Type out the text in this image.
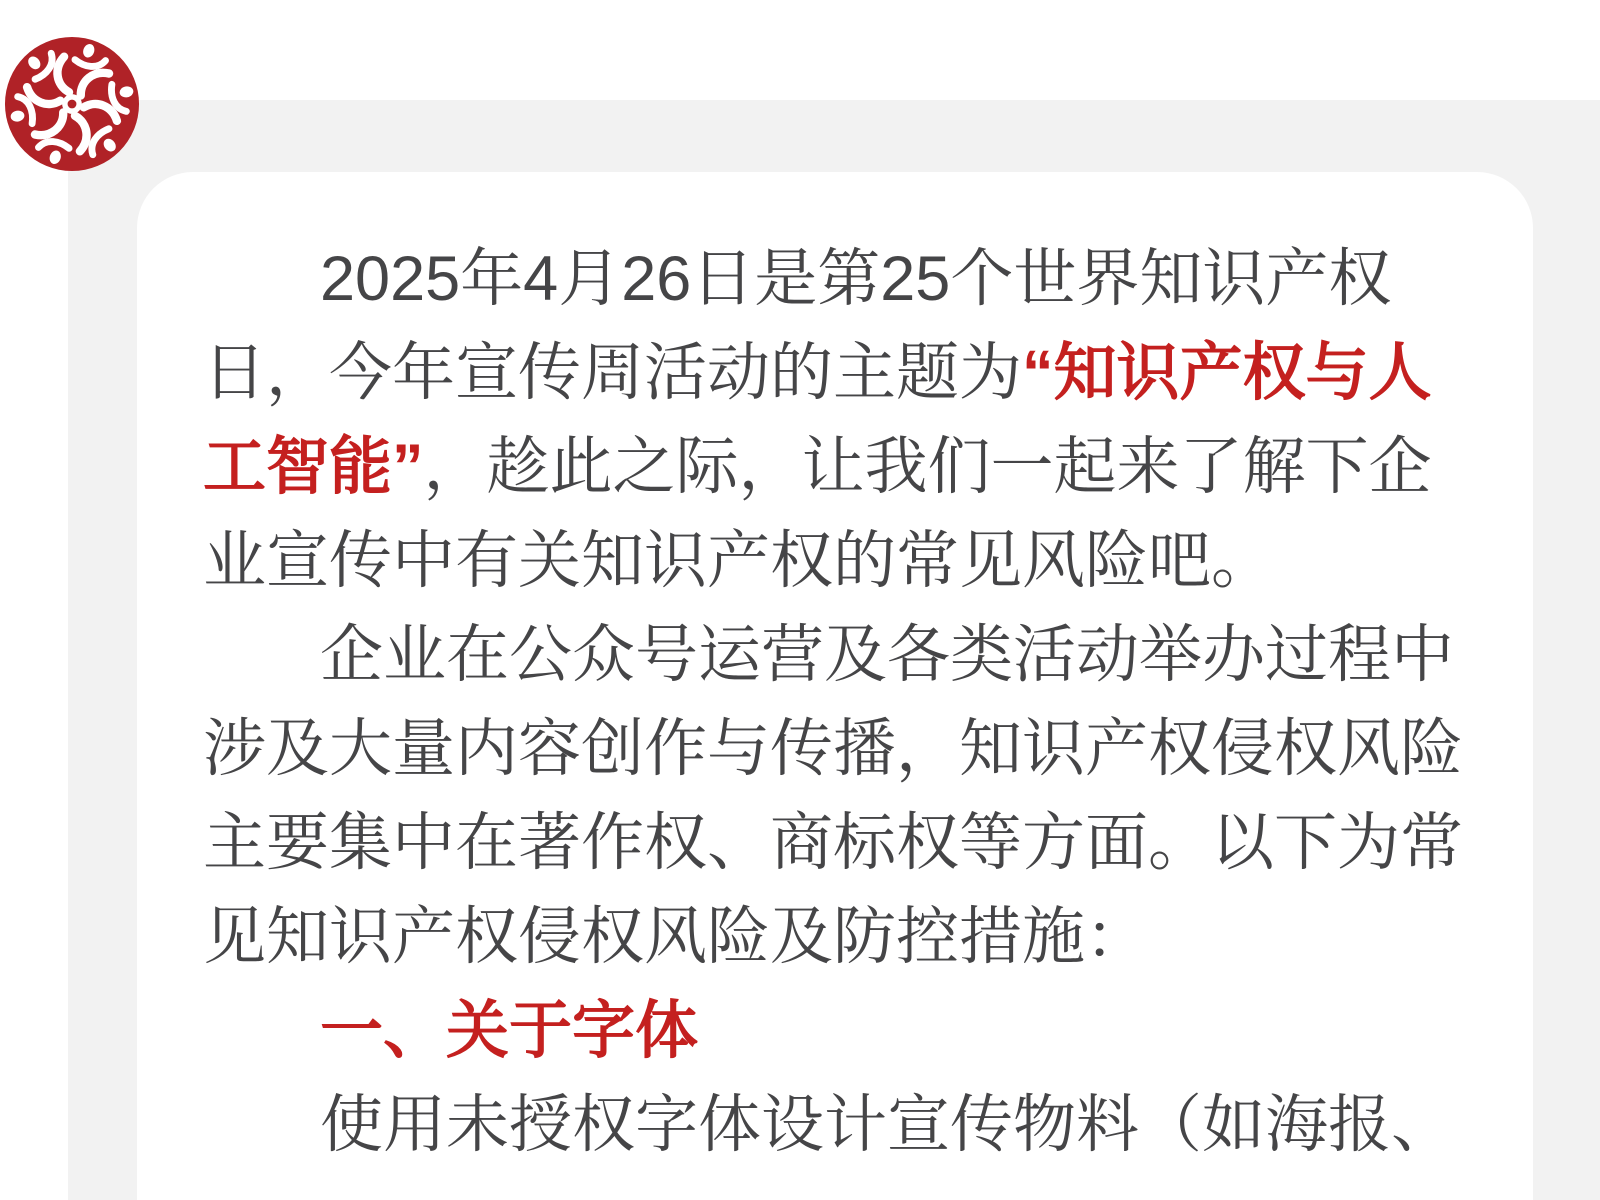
2025年4月26日是第25个世界知识产权
日，今年宣传周活动的主题为“知识产权与人
工智能”，趁此之际，让我们一起来了解下企
业宣传中有关知识产权的常见风险吧。
企业在公众号运营及各类活动举办过程中
涉及大量内容创作与传播，知识产权侵权风险
主要集中在著作权、商标权等方面。以下为常
见知识产权侵权风险及防控措施：
一、关于字体
使用未授权字体设计宣传物料（如海报、
